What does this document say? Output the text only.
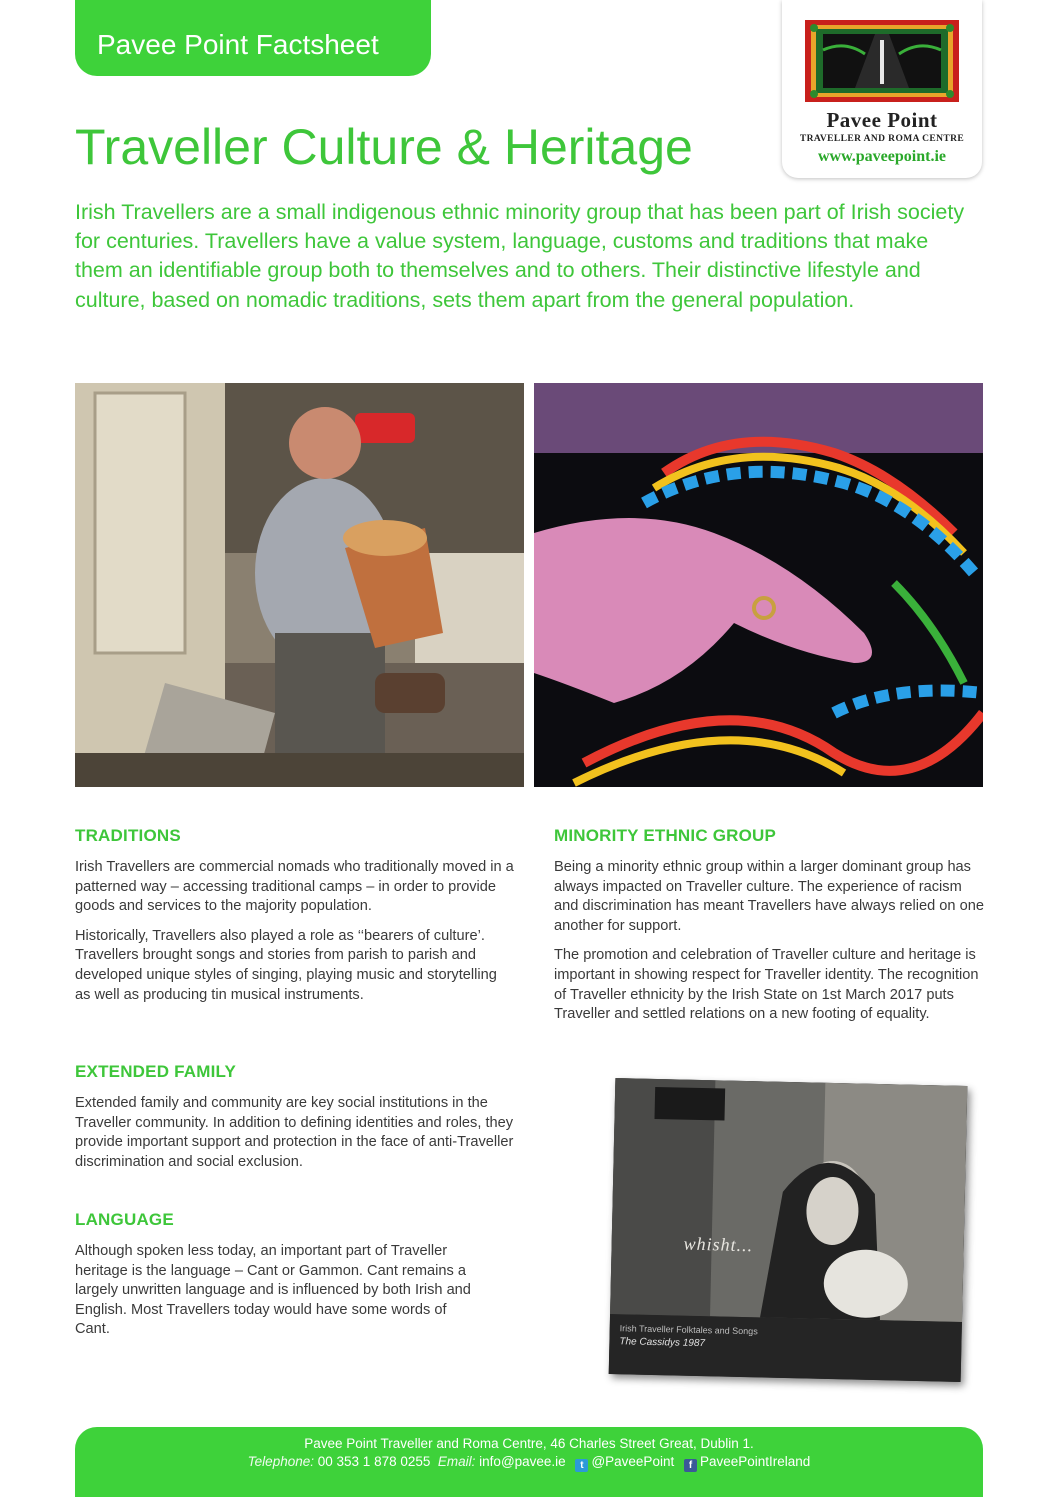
Pavee Point Factsheet
Pavee Point
TRAVELLER AND ROMA CENTRE
www.paveepoint.ie
Traveller Culture & Heritage

Irish Travellers are a small indigenous ethnic minority group that has been part of Irish society for centuries. Travellers have a value system, language, customs and traditions that make them an identifiable group both to themselves and to others. Their distinctive lifestyle and culture, based on nomadic traditions, sets them apart from the general population.

TRADITIONS

Irish Travellers are commercial nomads who traditionally moved in a patterned way – accessing traditional camps – in order to provide goods and services to the majority population.

Historically, Travellers also played a role as ‘‘bearers of culture’. Travellers brought songs and stories from parish to parish and developed unique styles of singing, playing music and storytelling as well as producing tin musical instruments.

EXTENDED FAMILY

Extended family and community are key social institutions in the Traveller community. In addition to defining identities and roles, they provide important support and protection in the face of anti-Traveller discrimination and social exclusion.

LANGUAGE

Although spoken less today, an important part of Traveller heritage is the language – Cant or Gammon. Cant remains a largely unwritten language and is influenced by both Irish and English. Most Travellers today would have some words of Cant.

MINORITY ETHNIC GROUP

Being a minority ethnic group within a larger dominant group has always impacted on Traveller culture. The experience of racism and discrimination has meant Travellers have always relied on one another for support.

The promotion and celebration of Traveller culture and heritage is important in showing respect for Traveller identity. The recognition of Traveller ethnicity by the Irish State on 1st March 2017 puts Traveller and settled relations on a new footing of equality.

whisht...
Irish Traveller Folktales and Songs
The Cassidys 1987
Pavee Point Traveller and Roma Centre, 46 Charles Street Great, Dublin 1.
Telephone: 00 353 1 878 0255 Email: info@pavee.ie t @PaveePoint f PaveePointIreland
